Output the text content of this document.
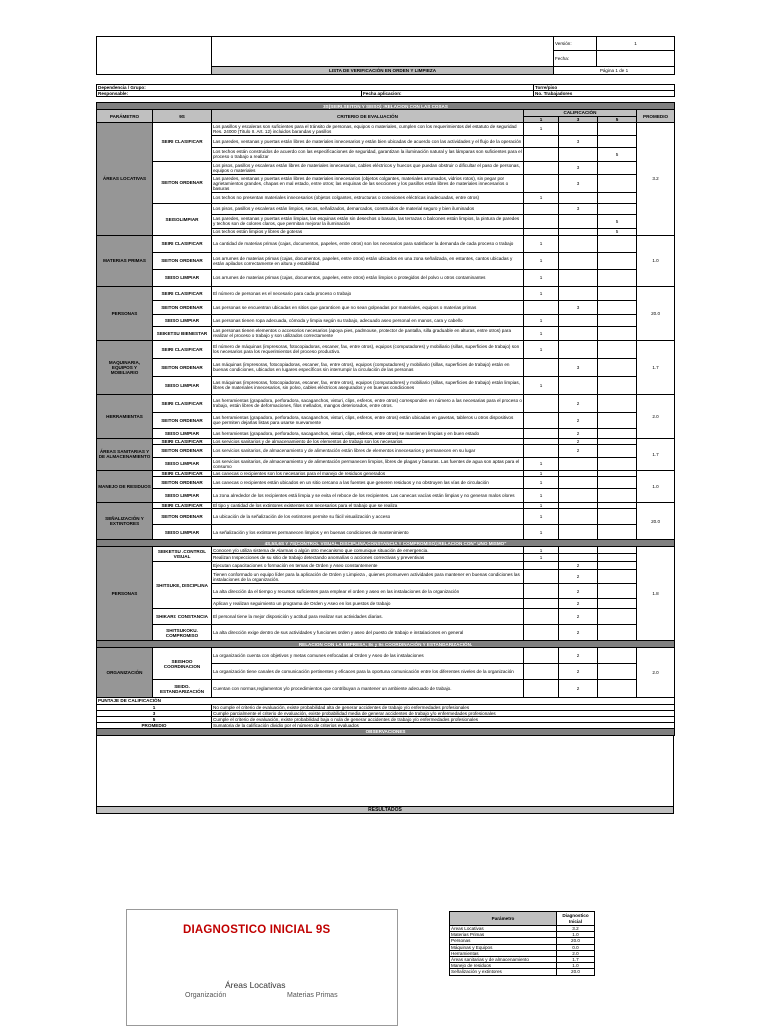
		Versión:	1
		Fecha:	
	LISTA DE VERIFICACIÓN EN ORDEN Y LIMPIEZA	Página 1 de 1	
Dependencia / Grupo:		Torre/piso
Responsable:	Fecha aplicacion:	No. Trabajadores
3S(SEIRI,SEITON Y SEISO) :RELACION CON LAS COSAS						
PARÁMETRO	9S	CRITERIO DE EVALUACIÓN	CALIFICACIÓN			PROMEDIO
			1	3	5	
ÁREAS LOCATIVAS	SEIRI CLASIFICAR	Los pasillos y escaleras son suficientes para el tránsito de personas, equipos o materiales, cumplen con los requerimientos del estatuto de seguridad Res. 24000 (Titulo II. Art. 12) incluidos barandas y pasillos	1			3.2
		Las paredes, ventanas y puertas están libres de materiales innecesarios y están bien ubicadas de acuerdo con las actividades y el flujo de la operación		3		
		Los techos están construidos de acuerdo con las especificaciones de seguridad, garantizan la iluminación natural y las lámparas son suficientes para el proceso o trabajo a realizar			5	
	SEITON ORDENAR	Los pisos, pasillos y escaleras están libres de materiales innecesarios, cables eléctricos y huecos que puedan obstruir o dificultar el paso de personas, equipos o materiales		3		
		Las paredes, ventanas y puertas están libres de materiales innecesarios (objetos colgantes, materiales arrumados, vidrios rotos), sin pegar por agrietamientos grandes, chapas en mal estado, entre otros; las esquinas de las secciones y los pasillos están libres de materiales innecesarios o basuras		3		
		Los techos no presentan materiales innecesarios (objetos colgantes, estructuras o conexiones eléctricas inadecuadas, entre otros)	1			
	SEISOLIMPIAR	Los pisos, pasillos y escaleras están limpios, secos, señalizados, demarcados, construidos de material seguro y bien iluminados		3		
		Las paredes, ventanas y puertas están limpias, las esquinas están sin desechos o basura, las terrazas o balcones están limpios, la pintura de paredes y techos son de colores claros, que permitan mejorar la iluminación			5	
		Los techos están limpios y libres de goteras			5	
MATERIAS PRIMAS	SEIRI CLASIFICAR	La cantidad de materias primas (cajas, documentos, papeles, entre otros) son los necesarios para satisfacer la demanda de cada proceso o trabajo	1			1.0
	SEITON ORDENAR	Los arrumes de materias primas (cajas, documentos, papeles, entre otros) están ubicados en una zona señalizada, en estantes, cantos ubicadas y están apilados correctamente en altura y estabilidad	1			
	SEISO LIMPIAR	Los arrumes de materias primas (cajas, documentos, papeles, entre otros) están limpios o protegidos del polvo u otros contaminantes	1			
PERSONAS	SEIRI CLASIFICAR	El número de personas es el necesario para cada proceso o trabajo	1			20.0
	SEITON ORDENAR	Las personas se encuentran ubicadas en sitios que garanticen que no sean golpeadas por materiales, equipos o materias primas		3		
	SEISO LIMPIAR	Las personas tienen ropa adecuada, cómoda y limpia según su trabajo, adecuado aseo personal en manos, cara y cabello	1			
	SEIKETSU BIENESTAR	Las personas tienen elementos o accesorios necesarios (apoya pies, padmouse, protector de pantalla, silla graduable en alturas, entre otros) para realizar el proceso o trabajo y son utilizados correctamente	1			
MAQUINARIA, EQUIPOS Y MOBILIARIO	SEIRI CLASIFICAR	El número de máquinas (impresoras, fotocopiadoras, escaner, fax, entre otros), equipos (computadores) y mobiliario (sillas, superficies de trabajo) son los necesarios para los requerimientos del proceso productivo.	1			1.7
	SEITON ORDENAR	Las máquinas (impresoras, fotocopiadoras, escaner, fax, entre otros), equipos (computadores) y mobiliario (sillas, superficies de trabajo) están en buenas condiciones, ubicados en lugares específicos sin interrumpir la circulación de las personas		3		
	SEISO LIMPIAR	Las máquinas (impresoras, fotocopiadoras, escaner, fax, entre otros), equipos (computadores) y mobiliario (sillas, superficies de trabajo) están limpias, libres de materiales innecesarios, sin polvo, cables eléctricos asegurados y en buenas condiciones	1			
HERRAMIENTAS	SEIRI CLASIFICAR	Las herramientas (grapadora, perforadora, sacaganchos, visturi, clips, esferos, entre otros) corresponden en número a las necesarias para el proceso o trabajo, están libres de deformaciones, filos mellados, mangos deteriorados, entre otros.		2		2.0
	SEITON ORDENAR	Las herramientas (grapadora, perforadora, sacaganchos, visturi, clips, esferos, entre otros) están ubicadas en gavetas, tableros u otros dispositivos que permiten dejarlas listas para usarse nuevamente		2		
	SEISO LIMPIAR	Las herramientas (grapadora, perforadora, sacaganchos, visturi, clips, esferos, entre otros) se mantienen limpias y en buen estado		2		
ÁREAS SANITARIAS Y DE ALMACENAMIENTO	SEIRI CLASIFICAR	Los servicios sanitarios y de almacenamiento de los elementos de trabajo son los necesarios		2		1.7
	SEITON ORDENAR	Los servicios sanitarios, de almacenamiento y de alimentación están libres de elementos innecesarios y permanecen en su lugar		2		
	SEISO LIMPIAR	Los servicios sanitarios, de almacenamiento y de alimentación permanecen limpios, libres de plagas y basuras. Las fuentes de agua son aptas para el consumo	1			
MANEJO DE RESIDUOS	SEIRI CLASIFICAR	Las canecas o recipientes son los necesarios para el manejo de residuos generados	1			1.0
	SEITON ORDENAR	Las canecas o recipientes están ubicados en un sitio cercano a las fuentes que generen residuos y no obstruyen las vías de circulación	1			
	SEISO LIMPIAR	La zona alrededor de los recipientes está limpia y se evita el reboce de los recipientes. Las canecas vacías están limpias y no generan malos olores	1			
SEÑALIZACIÓN Y EXTINTORES	SEIRI CLASIFICAR	El tipo y cantidad de los extintores existentes son necesarios para el trabajo que se realiza	1			20.0
	SEITON ORDENAR	La ubicación de la señalización de los extintores permite su fácil visualización y acceso	1			
	SEISO LIMPIAR	La señalización y los extintores permanecen limpios y en buenas condiciones de mantenimiento	1			
4S,5S,6S Y 7S(CONTROL VISUAL, DISCIPLINA,CONSTANCIA Y COMPROMISO):RELACION CON" UNO MISMO"						
PERSONAS	SEIKETSU .CONTROL VISUAL	Conocen y/o utiliza sistema de Alarmas o algún otro mecanismo que comunique situación de emergencia.	1			1.8
		Realizan Inspecciones de su sitio de trabajo detectando anomalías o acciones correctivas y preventivas	1			
	SHITSUKE, DISCIPLINA	Ejecutan capacitaciones o formación en temas de Orden y Aseo constantemente		2		
		Tienen conformado un equipo líder para la aplicación de Orden y Limpieza , quienes promueven actividades para mantener en buenas condiciones las instalaciones de la organización.		2		
		La alta dirección da el tiempo y recursos suficientes para emplear el orden y aseo en las instalaciones de la organización		2		
		Aplican y realizan seguimiento un programa de Orden y Aseo en los puestos de trabajo		2		
	SHIKARI: CONSTANCIA	El personal tiene la mejor disposición y actitud para realizar sus actividades diarias.		2		
	SHITSUKOKU. COMPROMISO	La alta dirección exige dentro de sus actividades y funciones orden y aseo del puesto de trabajo e instalaciones en general		2		
RELACION CON LA EMPRESA; 8s y 9s COORDINACIÓN Y ESTANDARIZACIÓN.						
ORGANIZACIÓN	SEISHOO COORDINACION	La organización cuenta con objetivos y metas comunes enfocadas al Orden y Aseo de las instalaciones		2		2.0
		La organización tiene canales de comunicación pertinentes y eficaces para la oportuna comunicación entre los diferentes niveles de la organización		2		
	SEIDO. ESTANDARIZACIÓN	Cuentan con normas,reglamentos y/o procedimientos que contribuyan a mantener un ambiente adecuado de trabajo.		2		
PUNTAJE DE CALIFICACIÓN						
1		No cumple el criterio de evaluación, existe probabilidad alta de generar accidentes de trabajo y/o enfermedades profesionales				
3		Cumple parcialmente el criterio de evaluación, existe probabilidad media de generar accidentes de trabajo y/o enfermedades profesionales				
5		Cumple el criterio de evaluación, existe probabilidad baja o nula de generar accidentes de trabajo y/o enfermedades profesionales				
PROMEDIO		Sumatoria de la calificación dividio por el número de criterios evaluados				
OBSERVACIONES						
RESULTADOS
DIAGNOSTICO INICIAL 9S
Áreas Locativas
Organización	Materias Primas
Parámetro	Diagnostico Inicial
Áreas Locativas	3.2
Materias Primas	1.0
Personas	20.0
Máquinas y Equipos	0.0
Herramientas	2.0
Áreas sanitarias y de almacenamiento	1.7
Manejo de residuos	1.0
Señalización y extintores	20.0
